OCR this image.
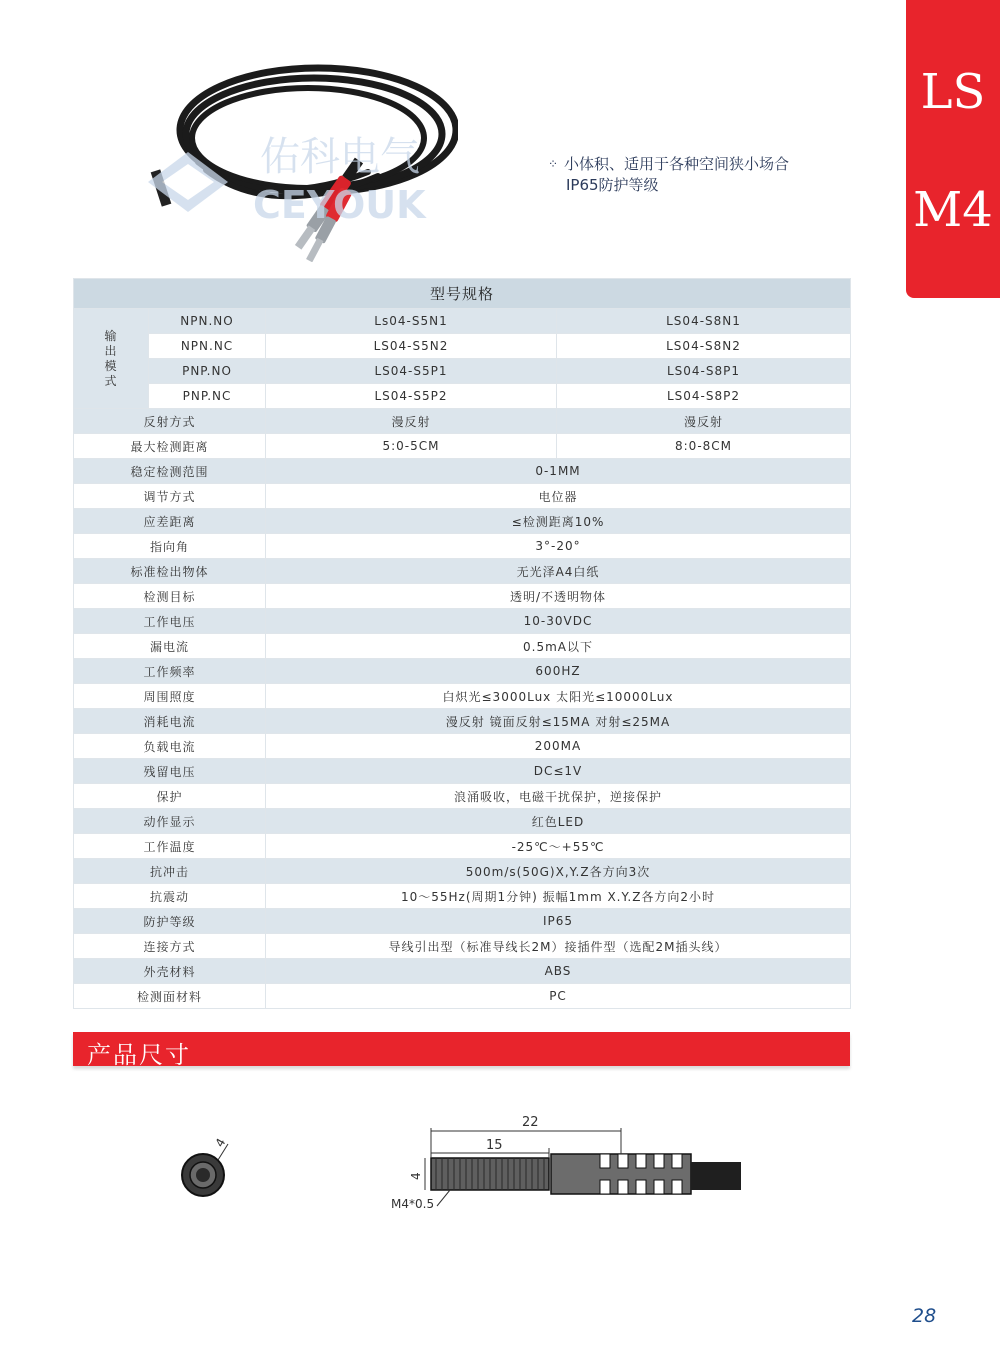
LS
M4
佑科电气
CEYOUK
⁘ 小体积、适用于各种空间狭小场合
IP65防护等级
型号规格			
输
出
模
式	NPN.NO	Ls04-S5N1	LS04-S8N1
	NPN.NC	LS04-S5N2	LS04-S8N2
	PNP.NO	LS04-S5P1	LS04-S8P1
	PNP.NC	LS04-S5P2	LS04-S8P2
反射方式		漫反射	漫反射
最大检测距离		5:0-5CM	8:0-8CM
稳定检测范围		0-1MM	
调节方式		电位器	
应差距离		≤检测距离10%	
指向角		3°-20°	
标准检出物体		无光泽A4白纸	
检测目标		透明/不透明物体	
工作电压		10-30VDC	
漏电流		0.5mA以下	
工作频率		600HZ	
周围照度		白炽光≤3000Lux 太阳光≤10000Lux	
消耗电流		漫反射 镜面反射≤15MA 对射≤25MA	
负载电流		200MA	
残留电压		DC≤1V	
保护		浪涌吸收，电磁干扰保护，逆接保护	
动作显示		红色LED	
工作温度		-25℃～+55℃	
抗冲击		500m/s(50G)X,Y.Z各方向3次	
抗震动		10～55Hz(周期1分钟) 振幅1mm X.Y.Z各方向2小时	
防护等级		IP65	
连接方式		导线引出型（标准导线长2M）接插件型（选配2M插头线）	
外壳材料		ABS	
检测面材料		PC	
产品尺寸
4
22
15
4
M4*0.5
28
